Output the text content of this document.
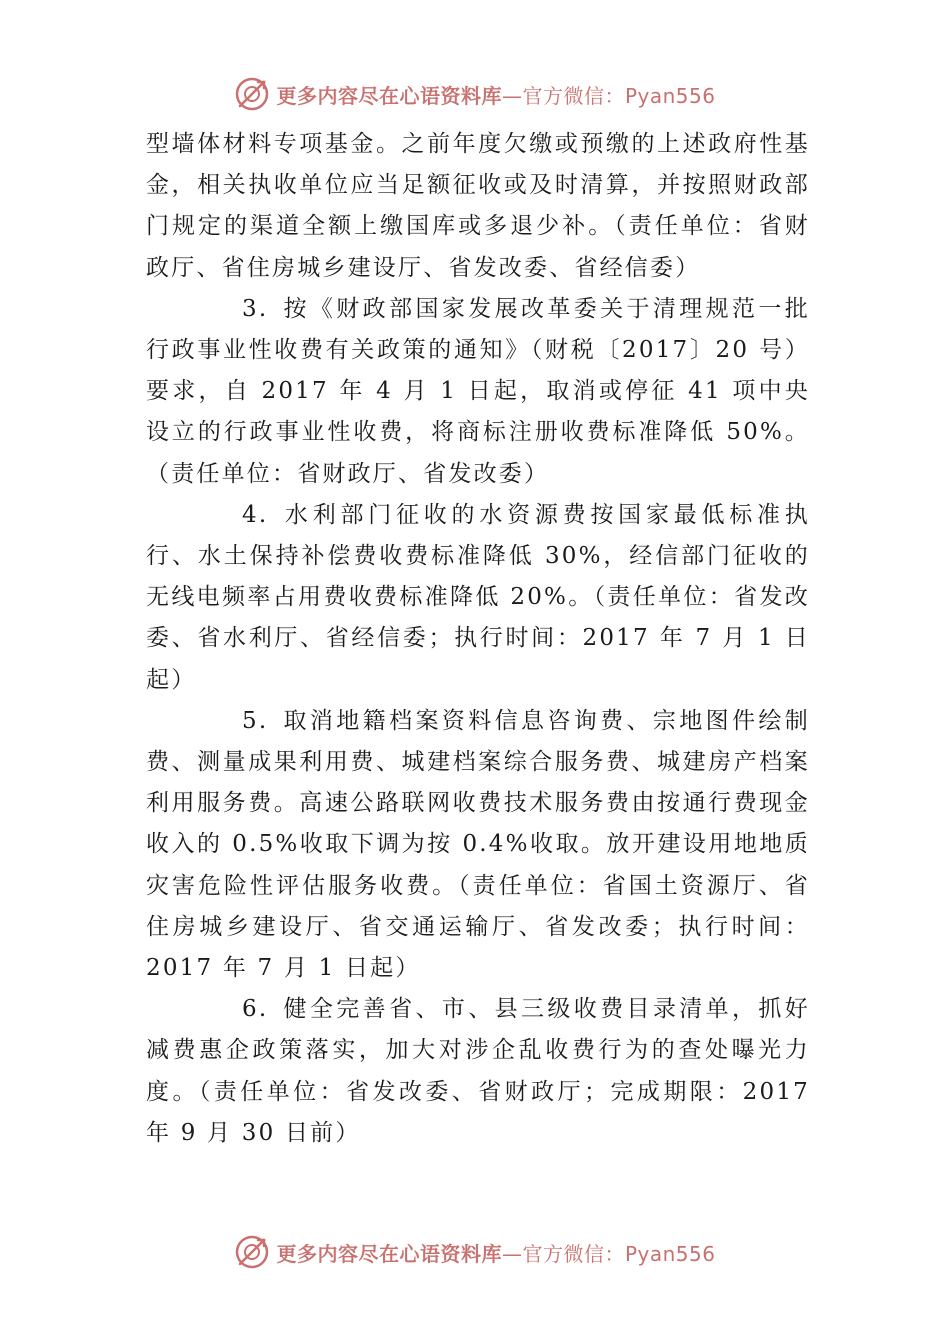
更多内容尽在心语资料库—官方微信：Pyan556

型墙体材料专项基金。之前年度欠缴或预缴的上述政府性基金，相关执收单位应当足额征收或及时清算，并按照财政部门规定的渠道全额上缴国库或多退少补。（责任单位：省财政厅、省住房城乡建设厅、省发改委、省经信委）

3. 按《财政部国家发展改革委关于清理规范一批行政事业性收费有关政策的通知》（财税〔2017〕20 号）要求，自 2017 年 4 月 1 日起，取消或停征 41 项中央设立的行政事业性收费，将商标注册收费标准降低 50%。（责任单位：省财政厅、省发改委）

4. 水利部门征收的水资源费按国家最低标准执行、水土保持补偿费收费标准降低 30%，经信部门征收的无线电频率占用费收费标准降低 20%。（责任单位：省发改委、省水利厅、省经信委；执行时间：2017 年 7 月 1 日起）

5. 取消地籍档案资料信息咨询费、宗地图件绘制费、测量成果利用费、城建档案综合服务费、城建房产档案利用服务费。高速公路联网收费技术服务费由按通行费现金收入的 0.5%收取下调为按 0.4%收取。放开建设用地地质灾害危险性评估服务收费。（责任单位：省国土资源厅、省住房城乡建设厅、省交通运输厅、省发改委；执行时间：2017 年 7 月 1 日起）

6. 健全完善省、市、县三级收费目录清单，抓好减费惠企政策落实，加大对涉企乱收费行为的查处曝光力度。（责任单位：省发改委、省财政厅；完成期限：2017 年 9 月 30 日前）

更多内容尽在心语资料库—官方微信：Pyan556
